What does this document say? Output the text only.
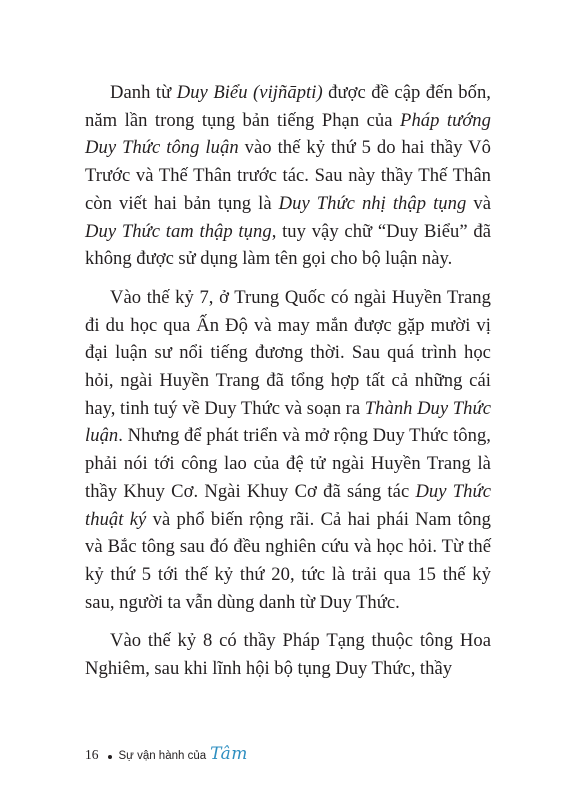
Danh từ Duy Biểu (vijñāpti) được đề cập đến bốn, năm lần trong tụng bản tiếng Phạn của Pháp tướng Duy Thức tông luận vào thế kỷ thứ 5 do hai thầy Vô Trước và Thế Thân trước tác. Sau này thầy Thế Thân còn viết hai bản tụng là Duy Thức nhị thập tụng và Duy Thức tam thập tụng, tuy vậy chữ “Duy Biểu” đã không được sử dụng làm tên gọi cho bộ luận này.

Vào thế kỷ 7, ở Trung Quốc có ngài Huyền Trang đi du học qua Ấn Độ và may mắn được gặp mười vị đại luận sư nổi tiếng đương thời. Sau quá trình học hỏi, ngài Huyền Trang đã tổng hợp tất cả những cái hay, tinh tuý về Duy Thức và soạn ra Thành Duy Thức luận. Nhưng để phát triển và mở rộng Duy Thức tông, phải nói tới công lao của đệ tử ngài Huyền Trang là thầy Khuy Cơ. Ngài Khuy Cơ đã sáng tác Duy Thức thuật ký và phổ biến rộng rãi. Cả hai phái Nam tông và Bắc tông sau đó đều nghiên cứu và học hỏi. Từ thế kỷ thứ 5 tới thế kỷ thứ 20, tức là trải qua 15 thế kỷ sau, người ta vẫn dùng danh từ Duy Thức.

Vào thế kỷ 8 có thầy Pháp Tạng thuộc tông Hoa Nghiêm, sau khi lĩnh hội bộ tụng Duy Thức, thầy

16 Sự vận hành của Tâm
